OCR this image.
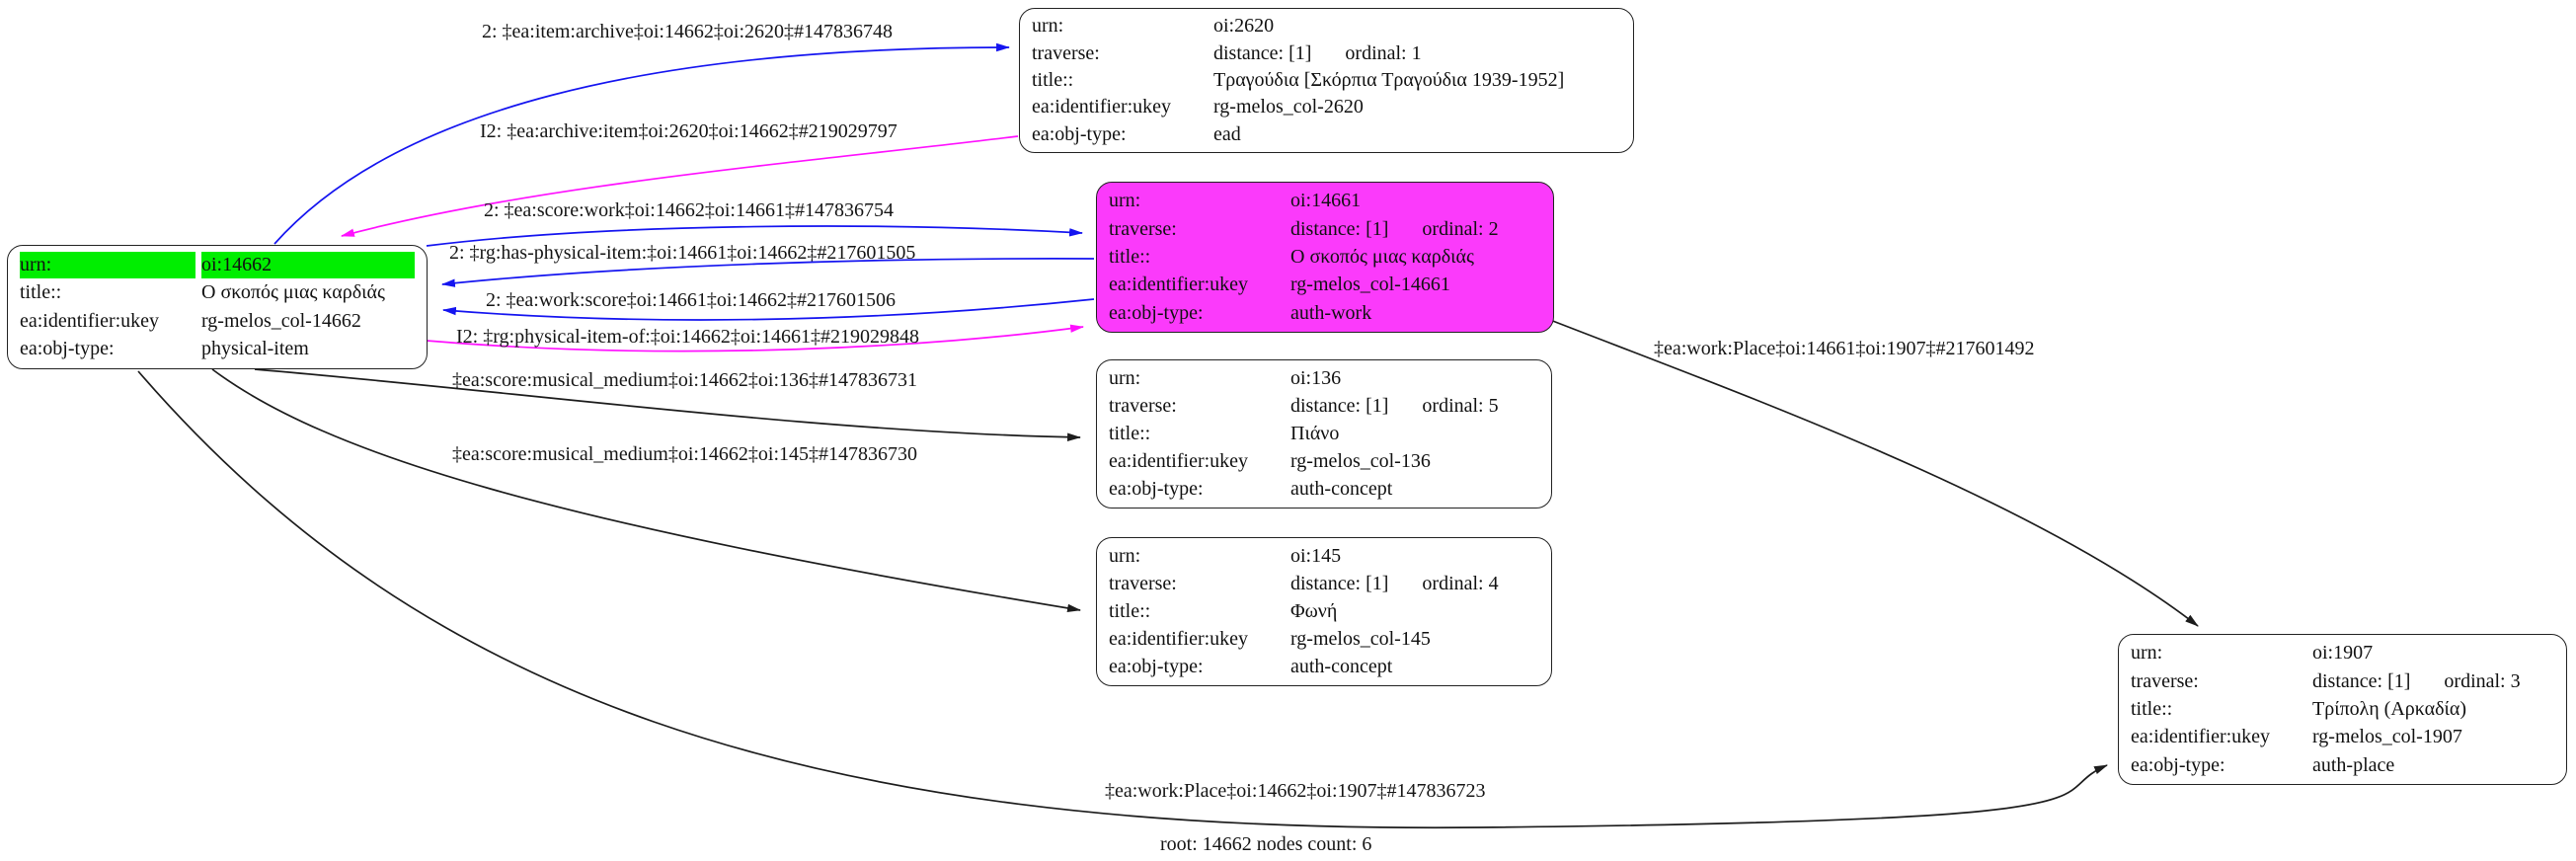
2: ‡ea:item:archive‡oi:14662‡oi:2620‡#147836748
I2: ‡ea:archive:item‡oi:2620‡oi:14662‡#219029797
2: ‡ea:score:work‡oi:14662‡oi:14661‡#147836754
2: ‡rg:has-physical-item:‡oi:14661‡oi:14662‡#217601505
2: ‡ea:work:score‡oi:14661‡oi:14662‡#217601506
I2: ‡rg:physical-item-of:‡oi:14662‡oi:14661‡#219029848
‡ea:score:musical_medium‡oi:14662‡oi:136‡#147836731
‡ea:score:musical_medium‡oi:14662‡oi:145‡#147836730
‡ea:work:Place‡oi:14661‡oi:1907‡#217601492
‡ea:work:Place‡oi:14662‡oi:1907‡#147836723
urn:	oi:14662
title::	Ο σκοπός μιας καρδιάς
ea:identifier:ukey	rg-melos_col-14662
ea:obj-type:	physical-item
urn:	oi:2620
traverse:	distance: [1] ordinal: 1
title::	Τραγούδια [Σκόρπια Τραγούδια 1939-1952]
ea:identifier:ukey	rg-melos_col-2620
ea:obj-type:	ead
urn:	oi:14661
traverse:	distance: [1] ordinal: 2
title::	Ο σκοπός μιας καρδιάς
ea:identifier:ukey	rg-melos_col-14661
ea:obj-type:	auth-work
urn:	oi:136
traverse:	distance: [1] ordinal: 5
title::	Πιάνο
ea:identifier:ukey	rg-melos_col-136
ea:obj-type:	auth-concept
urn:	oi:145
traverse:	distance: [1] ordinal: 4
title::	Φωνή
ea:identifier:ukey	rg-melos_col-145
ea:obj-type:	auth-concept
urn:	oi:1907
traverse:	distance: [1] ordinal: 3
title::	Τρίπολη (Αρκαδία)
ea:identifier:ukey	rg-melos_col-1907
ea:obj-type:	auth-place
root: 14662 nodes count: 6
